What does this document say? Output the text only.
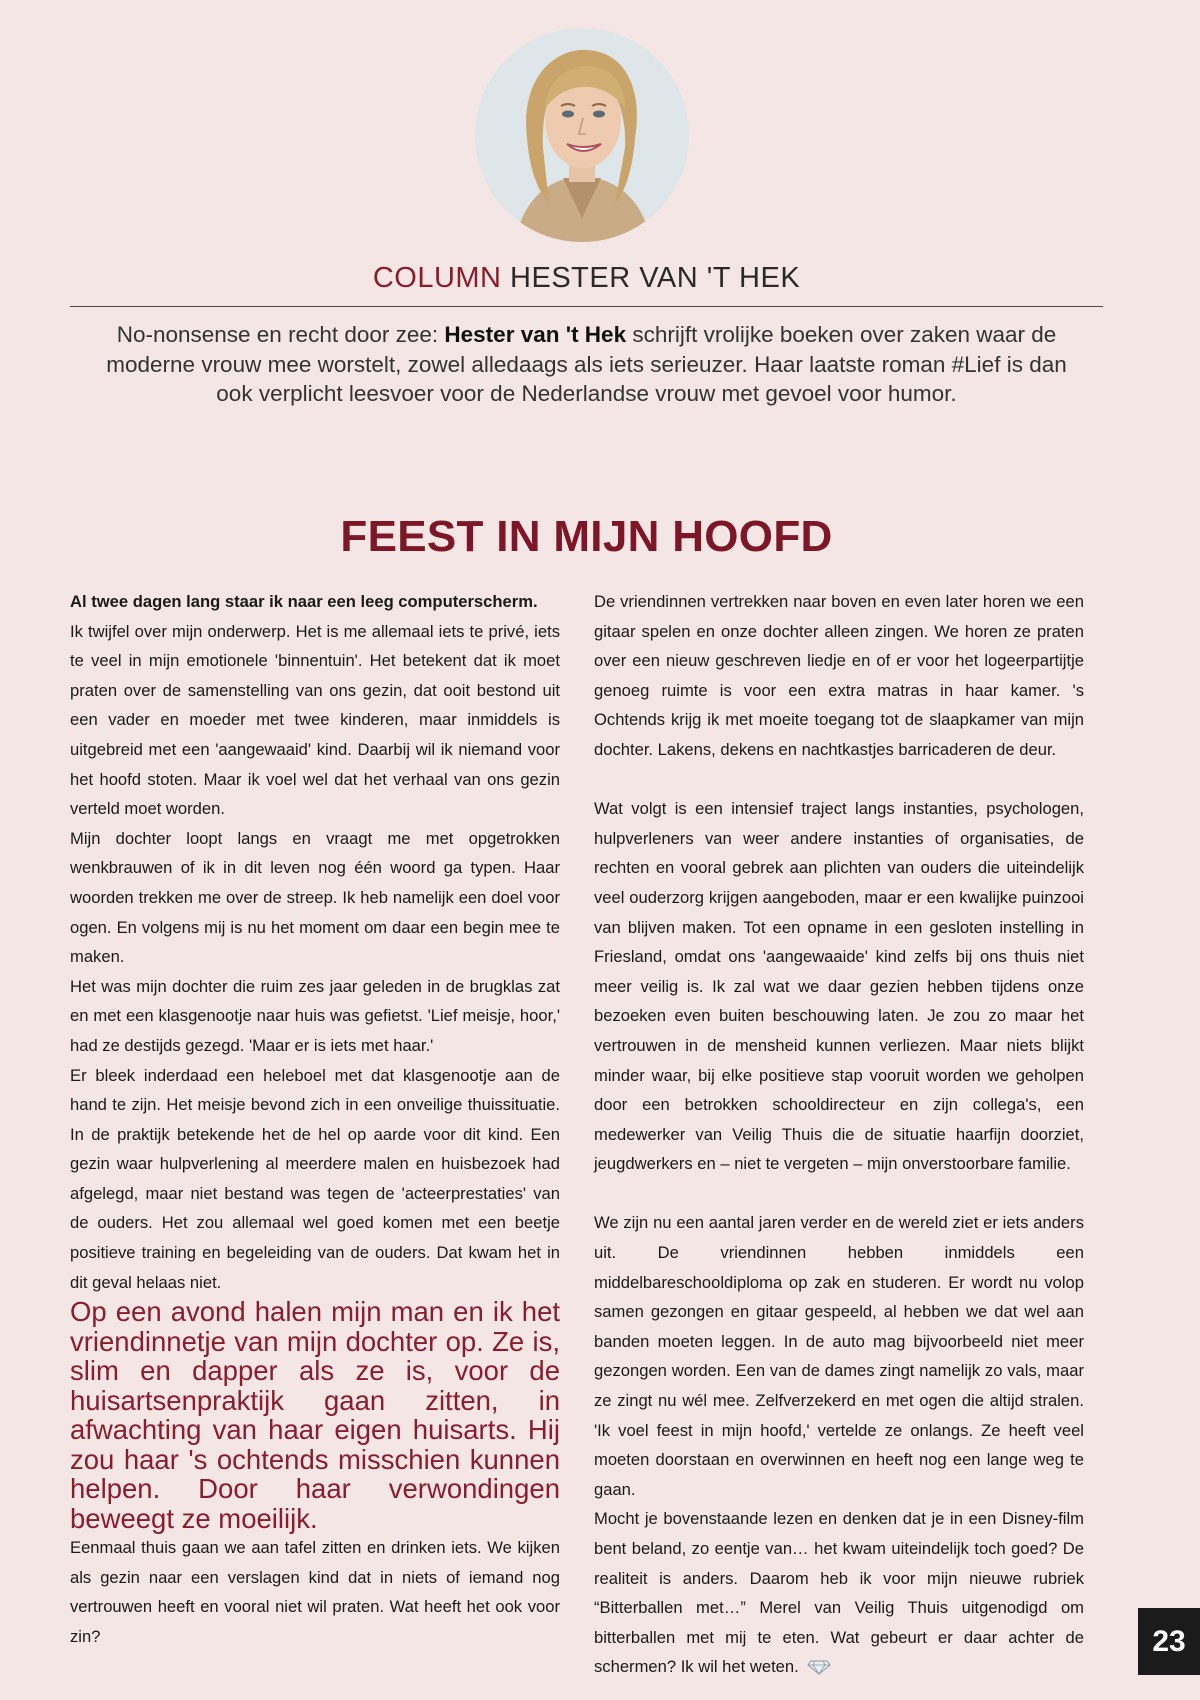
COLUMN HESTER VAN 'T HEK

No-nonsense en recht door zee: Hester van 't Hek schrijft vrolijke boeken over zaken waar de moderne vrouw mee worstelt, zowel alledaags als iets serieuzer. Haar laatste roman #Lief is dan ook verplicht leesvoer voor de Nederlandse vrouw met gevoel voor humor.

FEEST IN MIJN HOOFD

Al twee dagen lang staar ik naar een leeg computerscherm.

Ik twijfel over mijn onderwerp. Het is me allemaal iets te privé, iets te veel in mijn emotionele 'binnentuin'. Het betekent dat ik moet praten over de samenstelling van ons gezin, dat ooit bestond uit een vader en moeder met twee kinderen, maar inmiddels is uitgebreid met een 'aangewaaid' kind. Daarbij wil ik niemand voor het hoofd stoten. Maar ik voel wel dat het verhaal van ons gezin verteld moet worden.

Mijn dochter loopt langs en vraagt me met opgetrokken wenkbrauwen of ik in dit leven nog één woord ga typen. Haar woorden trekken me over de streep. Ik heb namelijk een doel voor ogen. En volgens mij is nu het moment om daar een begin mee te maken.

Het was mijn dochter die ruim zes jaar geleden in de brugklas zat en met een klasgenootje naar huis was gefietst. 'Lief meisje, hoor,' had ze destijds gezegd. 'Maar er is iets met haar.'

Er bleek inderdaad een heleboel met dat klasgenootje aan de hand te zijn. Het meisje bevond zich in een onveilige thuissituatie. In de praktijk betekende het de hel op aarde voor dit kind. Een gezin waar hulpverlening al meerdere malen en huisbezoek had afgelegd, maar niet bestand was tegen de 'acteerprestaties' van de ouders. Het zou allemaal wel goed komen met een beetje positieve training en begeleiding van de ouders. Dat kwam het in dit geval helaas niet.

Op een avond halen mijn man en ik het vriendinnetje van mijn dochter op. Ze is, slim en dapper als ze is, voor de huisartsenpraktijk gaan zitten, in afwachting van haar eigen huisarts. Hij zou haar 's ochtends misschien kunnen helpen. Door haar verwondingen beweegt ze moeilijk.

Eenmaal thuis gaan we aan tafel zitten en drinken iets. We kijken als gezin naar een verslagen kind dat in niets of iemand nog vertrouwen heeft en vooral niet wil praten. Wat heeft het ook voor zin?

De vriendinnen vertrekken naar boven en even later horen we een gitaar spelen en onze dochter alleen zingen. We horen ze praten over een nieuw geschreven liedje en of er voor het logeerpartijtje genoeg ruimte is voor een extra matras in haar kamer. 's Ochtends krijg ik met moeite toegang tot de slaapkamer van mijn dochter. Lakens, dekens en nachtkastjes barricaderen de deur.

Wat volgt is een intensief traject langs instanties, psychologen, hulpverleners van weer andere instanties of organisaties, de rechten en vooral gebrek aan plichten van ouders die uiteindelijk veel ouderzorg krijgen aangeboden, maar er een kwalijke puinzooi van blijven maken. Tot een opname in een gesloten instelling in Friesland, omdat ons 'aangewaaide' kind zelfs bij ons thuis niet meer veilig is. Ik zal wat we daar gezien hebben tijdens onze bezoeken even buiten beschouwing laten. Je zou zo maar het vertrouwen in de mensheid kunnen verliezen. Maar niets blijkt minder waar, bij elke positieve stap vooruit worden we geholpen door een betrokken schooldirecteur en zijn collega's, een medewerker van Veilig Thuis die de situatie haarfijn doorziet, jeugdwerkers en – niet te vergeten – mijn onverstoorbare familie.

We zijn nu een aantal jaren verder en de wereld ziet er iets anders uit. De vriendinnen hebben inmiddels een middelbareschooldiploma op zak en studeren. Er wordt nu volop samen gezongen en gitaar gespeeld, al hebben we dat wel aan banden moeten leggen. In de auto mag bijvoorbeeld niet meer gezongen worden. Een van de dames zingt namelijk zo vals, maar ze zingt nu wél mee. Zelfverzekerd en met ogen die altijd stralen. 'Ik voel feest in mijn hoofd,' vertelde ze onlangs. Ze heeft veel moeten doorstaan en overwinnen en heeft nog een lange weg te gaan.

Mocht je bovenstaande lezen en denken dat je in een Disney-film bent beland, zo eentje van… het kwam uiteindelijk toch goed? De realiteit is anders. Daarom heb ik voor mijn nieuwe rubriek “Bitterballen met…” Merel van Veilig Thuis uitgenodigd om bitterballen met mij te eten. Wat gebeurt er daar achter de schermen? Ik wil het weten.

23
